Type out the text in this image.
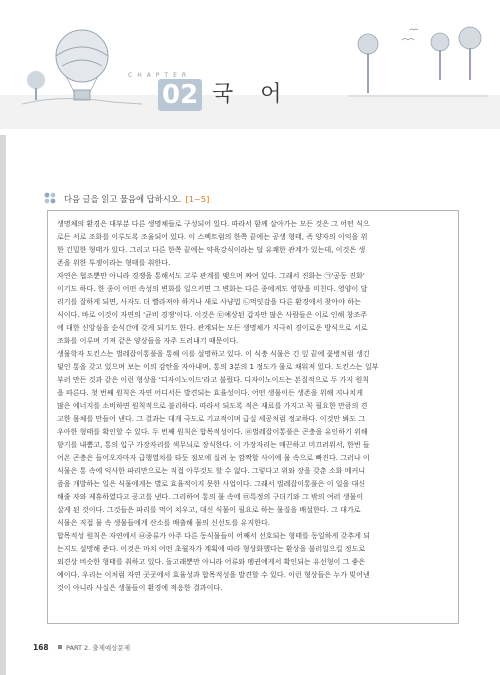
CHAPTER
02 국 어
다음 글을 읽고 물음에 답하시오. [1~5]

생명체의 환경은 대부분 다른 생명체들로 구성되어 있다. 따라서 함께 살아가는 모든 것은 그 어떤 식으

로든 서로 조화를 이루도록 조율되어 있다. 이 스펙트럼의 한쪽 끝에는 공생 형태, 즉 양자의 이익을 위

한 긴밀한 형태가 있다. 그리고 다른 한쪽 끝에는 약육강식이라는 덜 유쾌한 관계가 있는데, 이것은 생

존을 위한 투쟁이라는 형태를 취한다.

자연은 협조뿐만 아니라 경쟁을 통해서도 고루 관계를 맺으며 짜여 있다. 그래서 진화는 ㉠'공동 진화'

이기도 하다. 한 종이 어떤 속성의 변화를 일으키면 그 변화는 다른 종에게도 영향을 미친다. 영양이 달

리기를 잘하게 되면, 사자도 더 빨라져야 하거나 새로 사냥법 ㉡먹잇감을 다른 환경에서 찾아야 하는

식이다. 바로 이것이 자연의 '균비 경쟁'이다. 이것은 ㉢예상된 갑자만 많은 사람들은 이로 인해 창조주

에 대한 신앙심을 순식간에 갖게 되기도 한다. 관계되는 모든 생명체가 지극히 경이로운 방식으로 서로

조화를 이루며 기져 같은 양상들을 자주 드러내기 때문이다.

생물학자 도킨스는 벌레잡이통풀을 통해 이를 설명하고 있다. 이 식충 식물은 긴 잎 끝에 꽃병처럼 생긴

덫인 통을 갖고 있으며 보는 이의 감탄을 자아내며, 통의 3분의 1 정도가 물로 채워져 있다. 도킨스는 일부

부러 만든 것과 같은 이런 형상을 '디자이노이드'라고 불렀다. 디자이노이드는 본질적으로 두 가지 원칙

을 따른다. 첫 번째 원칙은 자연 어디서든 발견되는 효율성이다. 어떤 생물이든 생존을 위해 지나치게

많은 에너지를 소비하면 원칙적으로 불리하다. 따라서 되도록 적은 재료를 가지고 꼭 필요한 만큼의 견

고한 몸체를 만들어 낸다. 그 결과는 대개 극도로 기교적이며 급실 세공처럼 정교하다. 이것만 봐도 그

우아한 형태를 확인할 수 있다. 두 번째 원칙은 합목적성이다. ㉣벌레잡이통풀은 곤충을 유인하기 위해

향기를 내뿜고, 통의 입구 가장자리를 색무늬로 장식한다. 이 가장자리는 매끈하고 미끄러워서, 한번 들

어온 곤충은 들어오자마자 급행열차를 타듯 점모에 실려 눈 깜짝할 사이에 물 속으로 빠진다. 그러나 이

식물은 통 속에 익사한 파리만으로는 직접 아무것도 할 수 없다. 그렇다고 위와 장을 갖춘 소화 메커니

즘을 개발하는 일은 식물에게는 별로 효율적이지 못한 사업이다. 그래서 벌레잡이통풀은 이 일을 대신

해줄 자와 제휴하였다고 공고를 낸다. 그리하여 통의 물 속에 ㉤특정의 구더기와 그 밖의 여러 생물이

살게 된 것이다. 그것들은 파리를 먹어 치우고, 대신 식물이 필요로 하는 물질을 배설한다. 그 대가로

식물은 직접 물 속 생물들에게 산소를 배출해 물의 신선도를 유지한다.

합목적성 원칙은 자연에서 ㉥종류가 아주 다른 동식물들이 어째서 선호되는 형태를 동일하게 갖추게 되

는지도 설명해 준다. 이것은 마치 어떤 초월자가 계획에 따라 형상화했다는 환상을 불러일으킬 정도로

외견상 비슷한 형태를 취하고 있다. 돌고래뿐만 아니라 어류와 펭귄에게서 확인되는 유선형이 그 좋은

예이다. 우리는 이처럼 자연 곳곳에서 효율성과 합목적성을 발견할 수 있다. 이런 형상들은 누가 빚어낸

것이 아니라 사실은 생물들이 환경에 적응한 결과이다.

168	PART 2. 출제예상문제
